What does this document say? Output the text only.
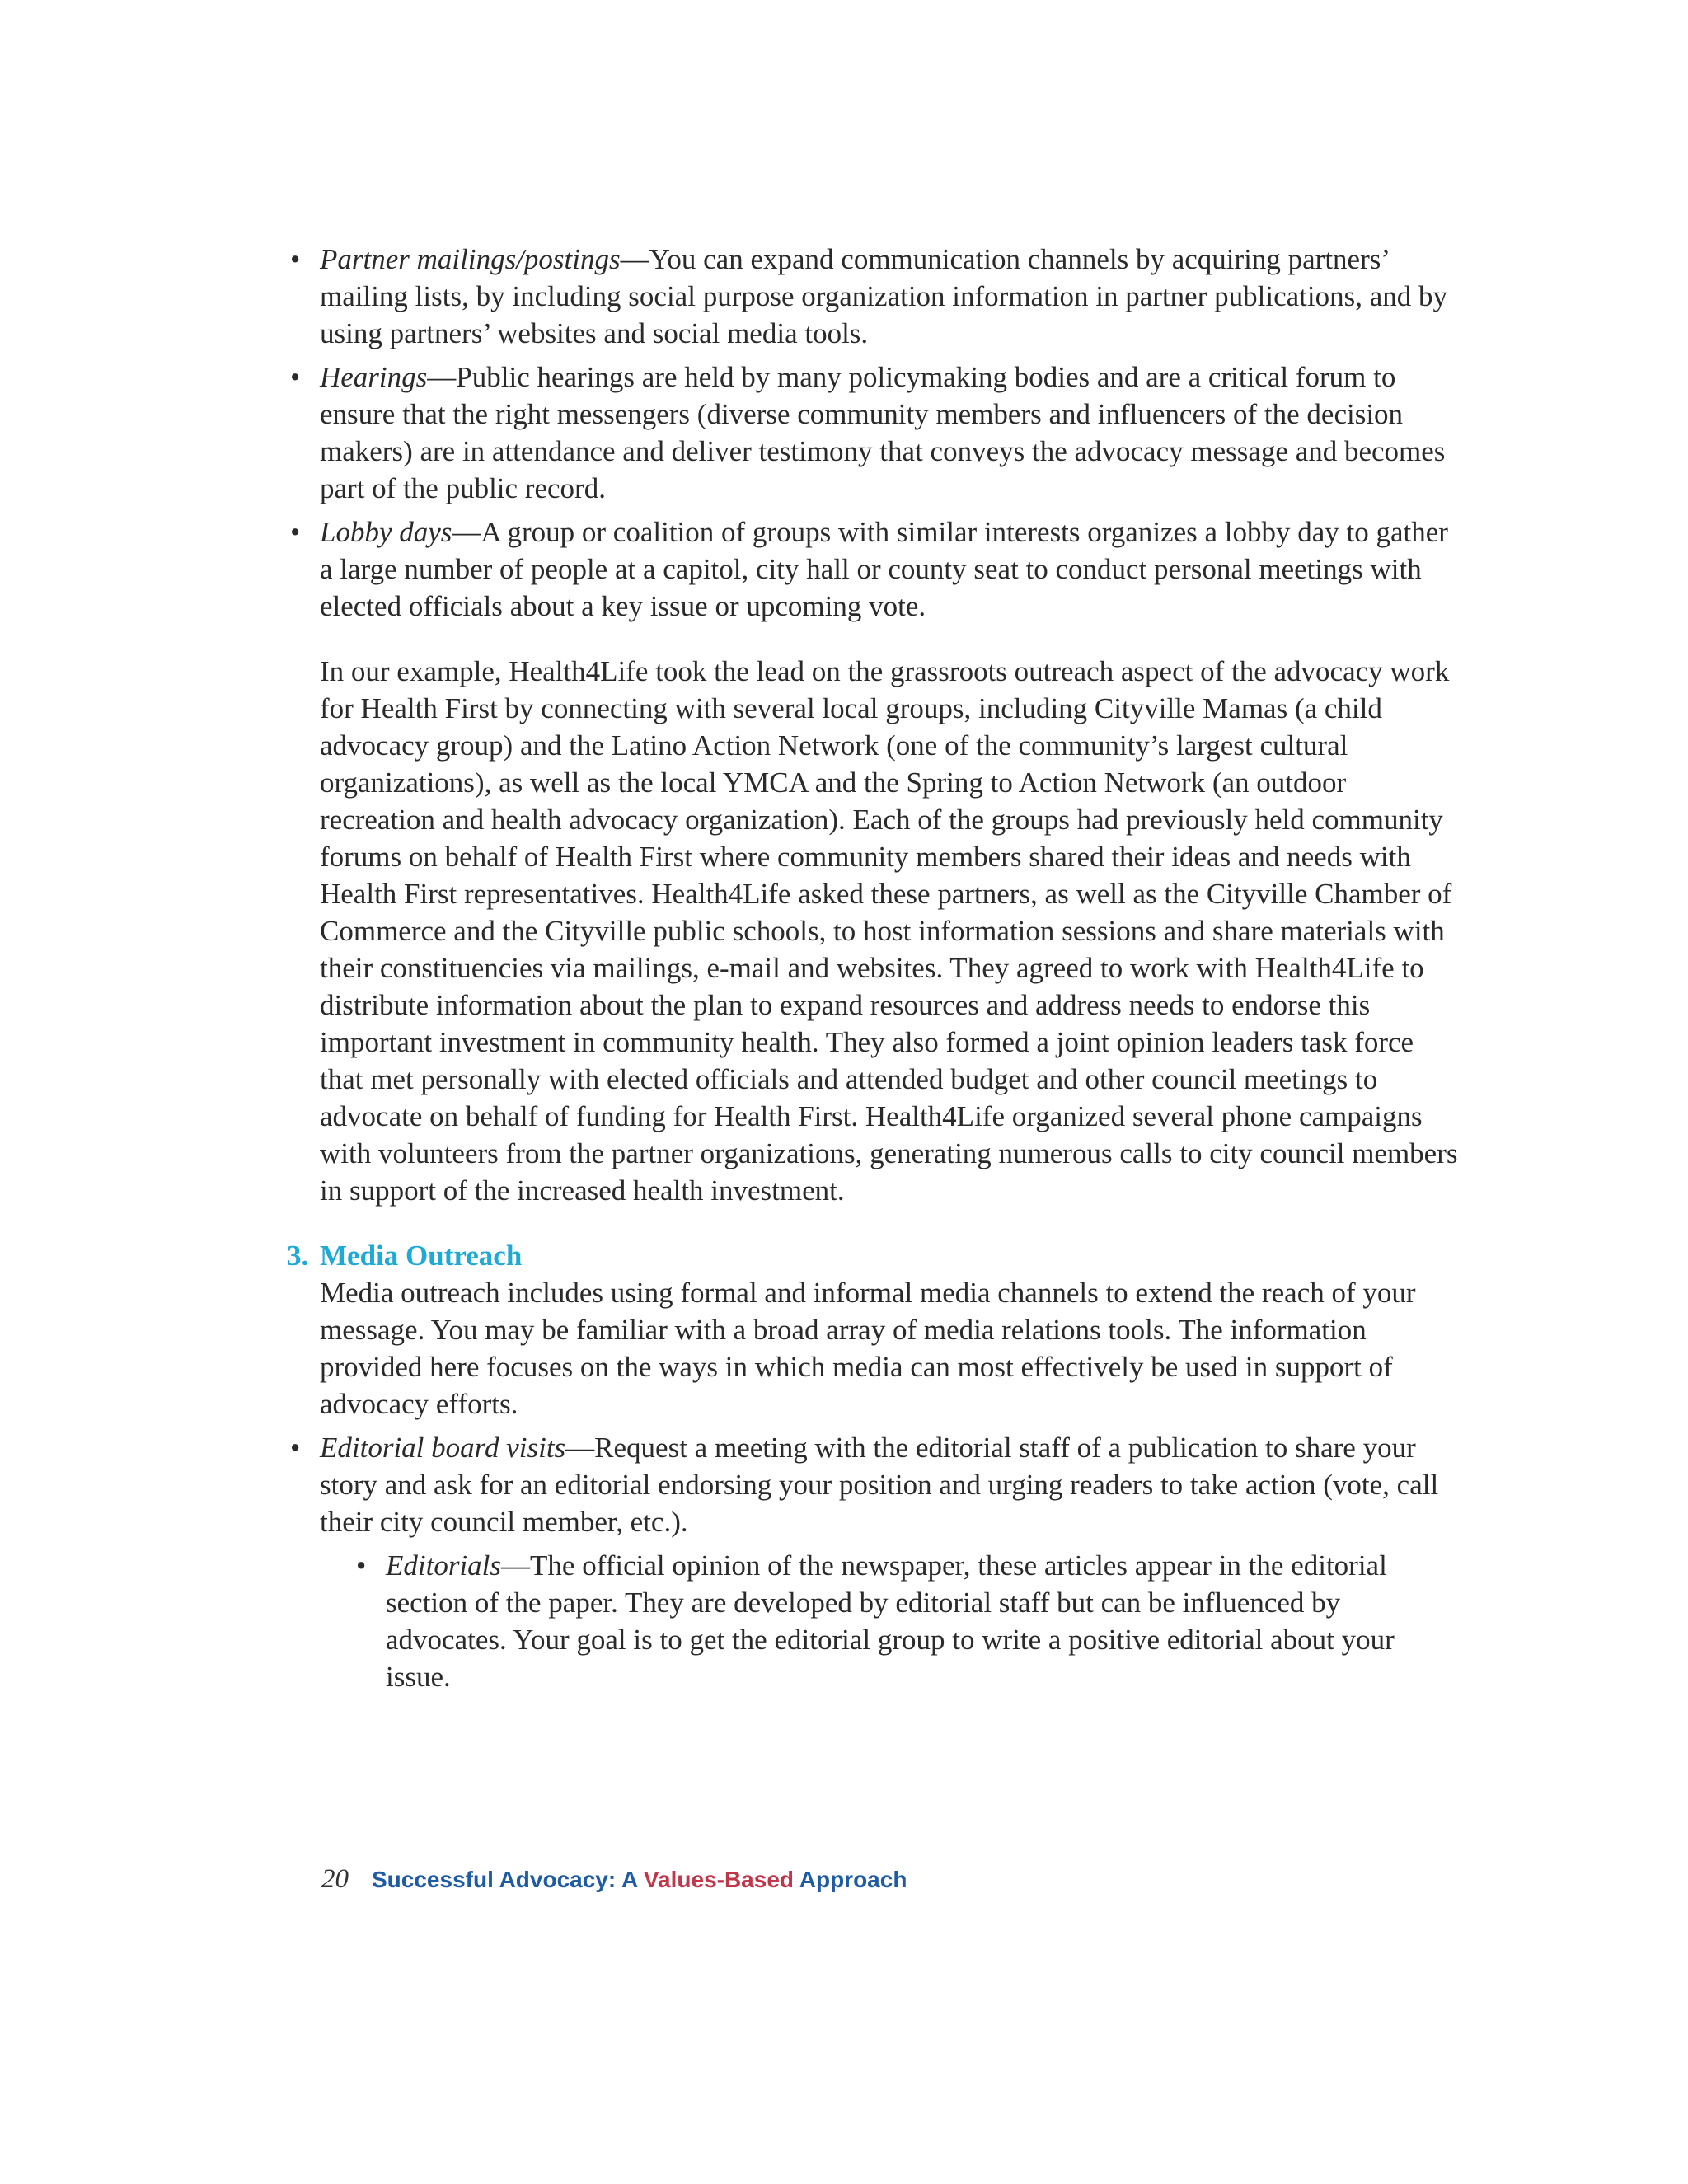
• Partner mailings/postings—You can expand communication channels by acquiring partners’ mailing lists, by including social purpose organization information in partner publications, and by using partners’ websites and social media tools.
• Hearings—Public hearings are held by many policymaking bodies and are a critical forum to ensure that the right messengers (diverse community members and influencers of the decision makers) are in attendance and deliver testimony that conveys the advocacy message and becomes part of the public record.
• Lobby days—A group or coalition of groups with similar interests organizes a lobby day to gather a large number of people at a capitol, city hall or county seat to conduct personal meetings with elected officials about a key issue or upcoming vote.

In our example, Health4Life took the lead on the grassroots outreach aspect of the advocacy work for Health First by connecting with several local groups, including Cityville Mamas (a child advocacy group) and the Latino Action Network (one of the community’s largest cultural organizations), as well as the local YMCA and the Spring to Action Network (an outdoor recreation and health advocacy organization). Each of the groups had previously held community forums on behalf of Health First where community members shared their ideas and needs with Health First representatives. Health4Life asked these partners, as well as the Cityville Chamber of Commerce and the Cityville public schools, to host information sessions and share materials with their constituencies via mailings, e-mail and websites. They agreed to work with Health4Life to distribute information about the plan to expand resources and address needs to endorse this important investment in community health. They also formed a joint opinion leaders task force that met personally with elected officials and attended budget and other council meetings to advocate on behalf of funding for Health First. Health4Life organized several phone campaigns with volunteers from the partner organizations, generating numerous calls to city council members in support of the increased health investment.

3. Media Outreach
Media outreach includes using formal and informal media channels to extend the reach of your message. You may be familiar with a broad array of media relations tools. The information provided here focuses on the ways in which media can most effectively be used in support of advocacy efforts.
• Editorial board visits—Request a meeting with the editorial staff of a publication to share your story and ask for an editorial endorsing your position and urging readers to take action (vote, call their city council member, etc.).
• Editorials—The official opinion of the newspaper, these articles appear in the editorial section of the paper. They are developed by editorial staff but can be influenced by advocates. Your goal is to get the editorial group to write a positive editorial about your issue.
20 Successful Advocacy: A Values-Based Approach
